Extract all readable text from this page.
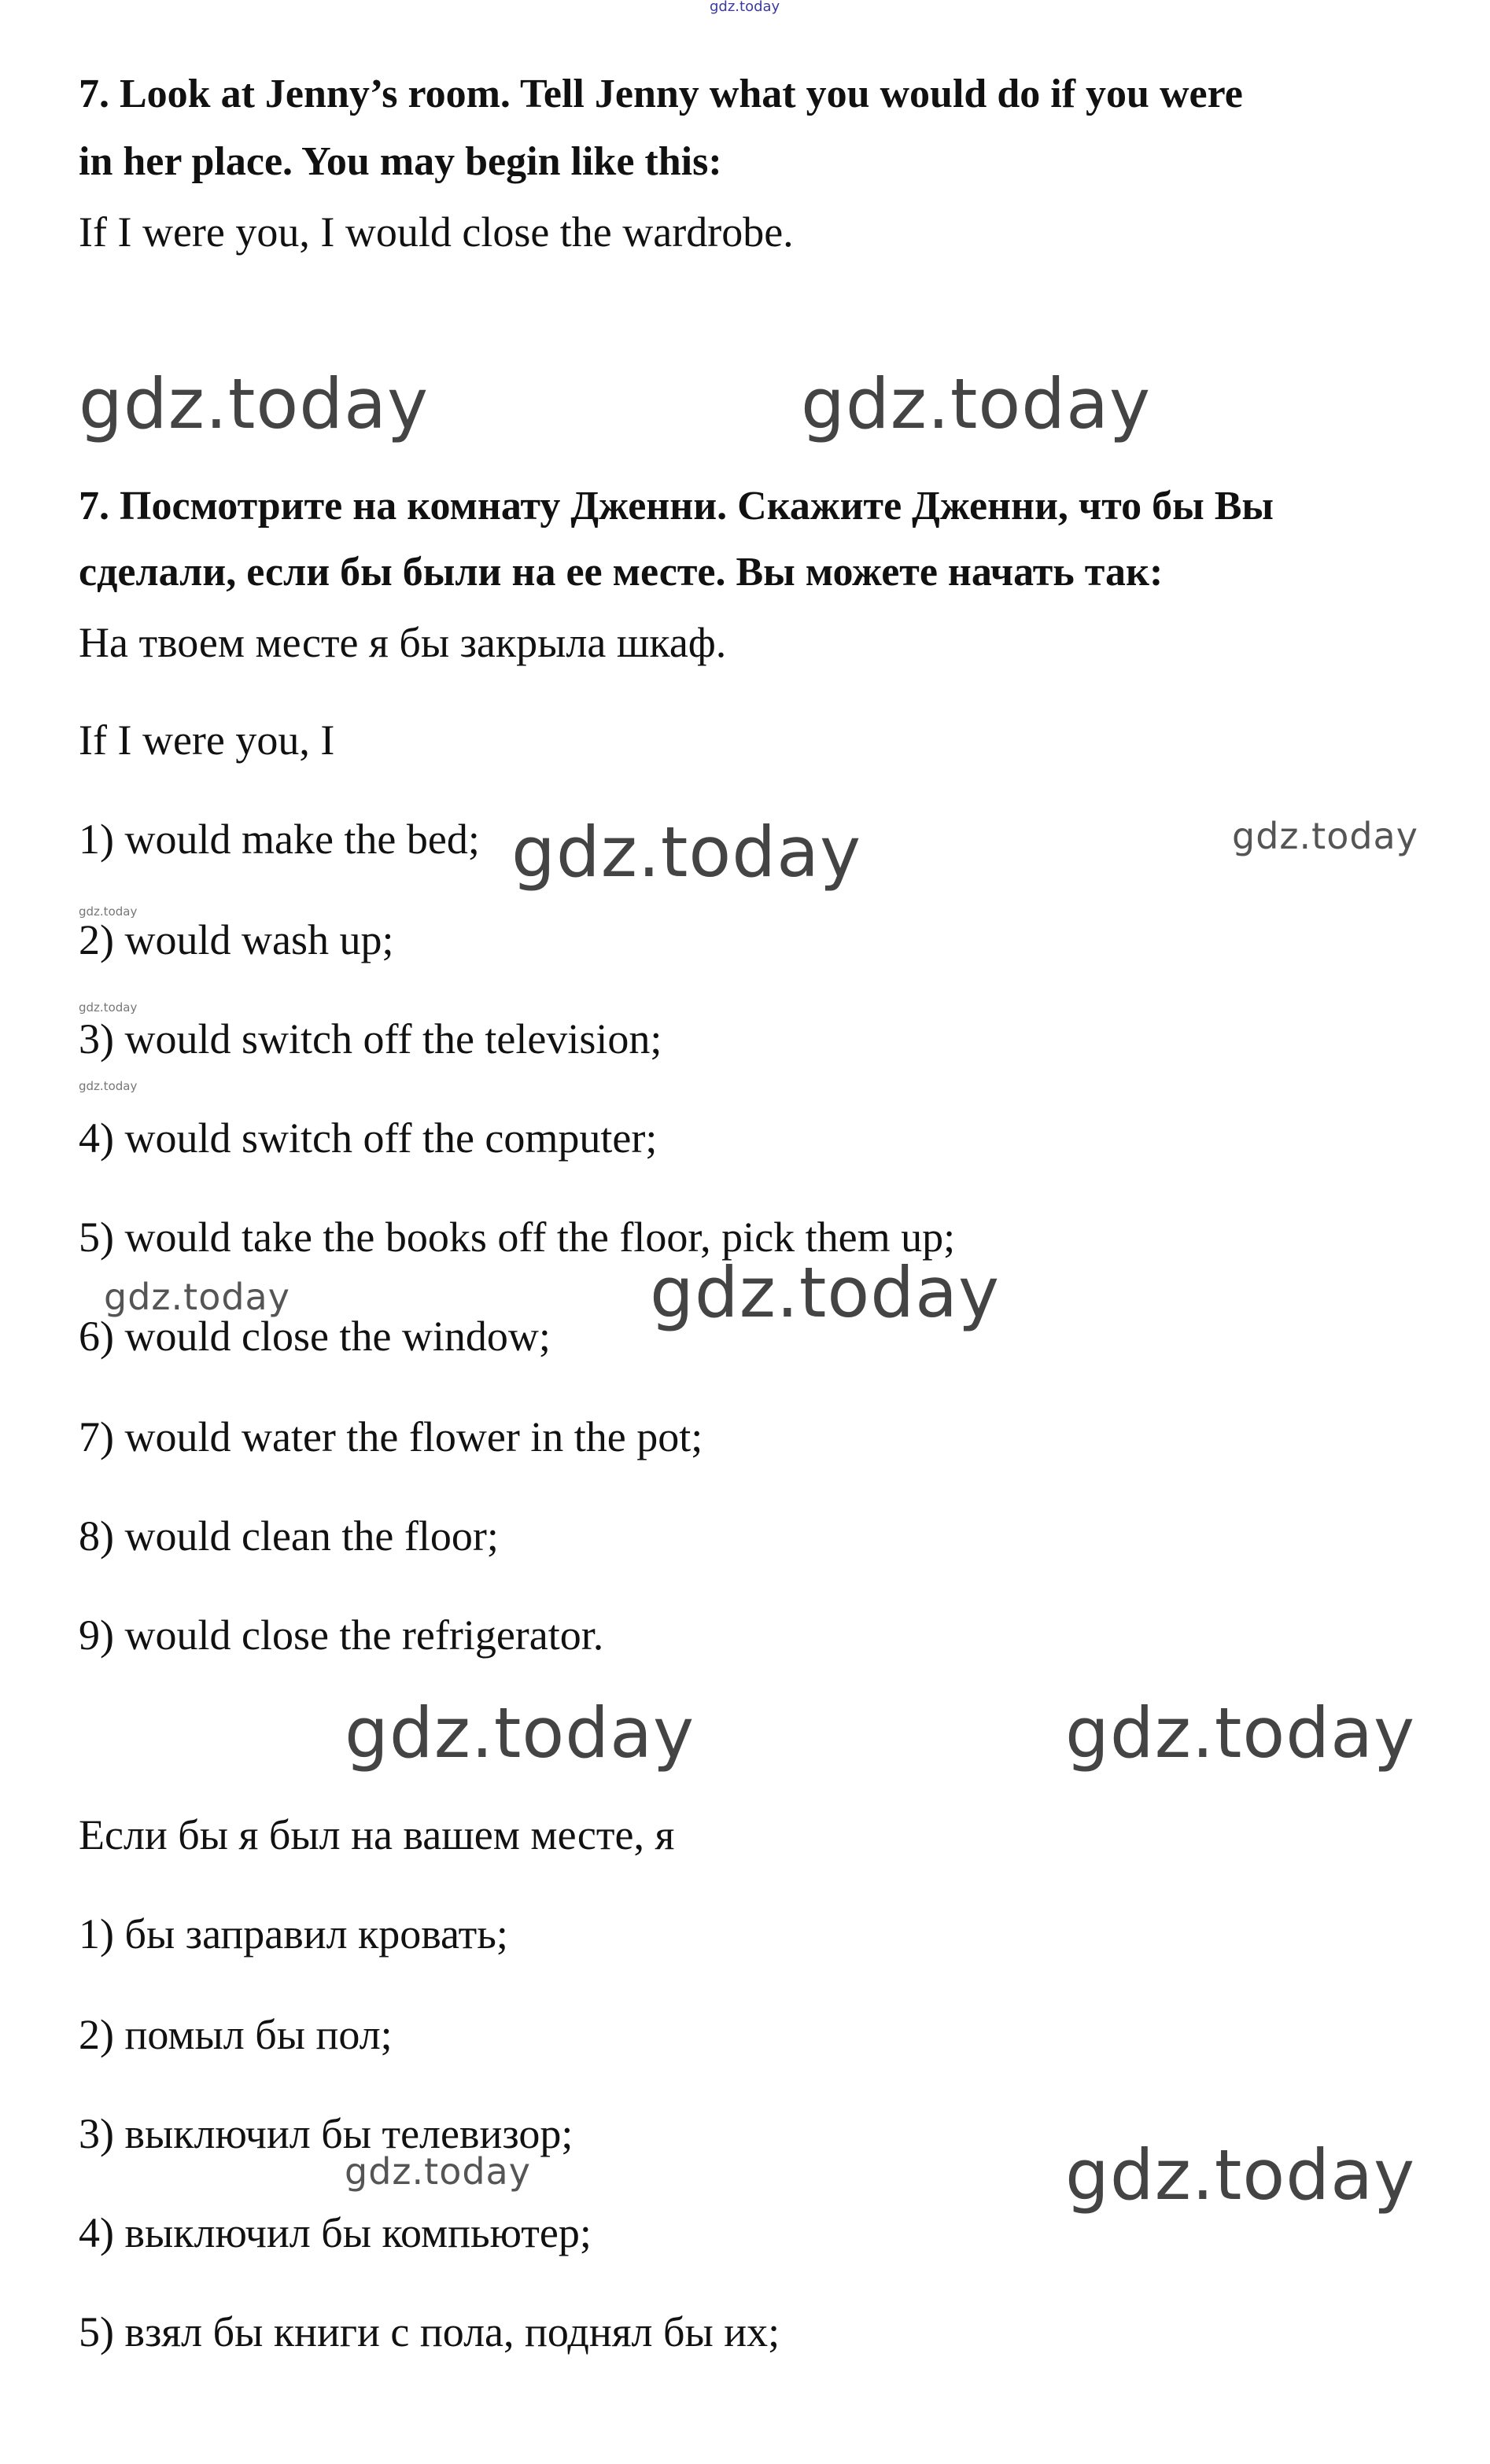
gdz.today
7. Look at Jenny’s room. Tell Jenny what you would do if you were
in her place. You may begin like this:
If I were you, I would close the wardrobe.
gdz.today	gdz.today
7. Посмотрите на комнату Дженни. Скажите Дженни, что бы Вы
сделали, если бы были на ее месте. Вы можете начать так:
На твоем месте я бы закрыла шкаф.
If I were you, I
1) would make the bed; gdz.today	gdz.today
gdz.today
2) would wash up;
gdz.today
3) would switch off the television;
gdz.today
4) would switch off the computer;
5) would take the books off the floor, pick them up;
gdz.today	gdz.today
6) would close the window;
7) would water the flower in the pot;
8) would clean the floor;
9) would close the refrigerator.
gdz.today	gdz.today
Если бы я был на вашем месте, я
1) бы заправил кровать;
2) помыл бы пол;
3) выключил бы телевизор;
gdz.today
gdz.today
4) выключил бы компьютер;
5) взял бы книги с пола, поднял бы их;
